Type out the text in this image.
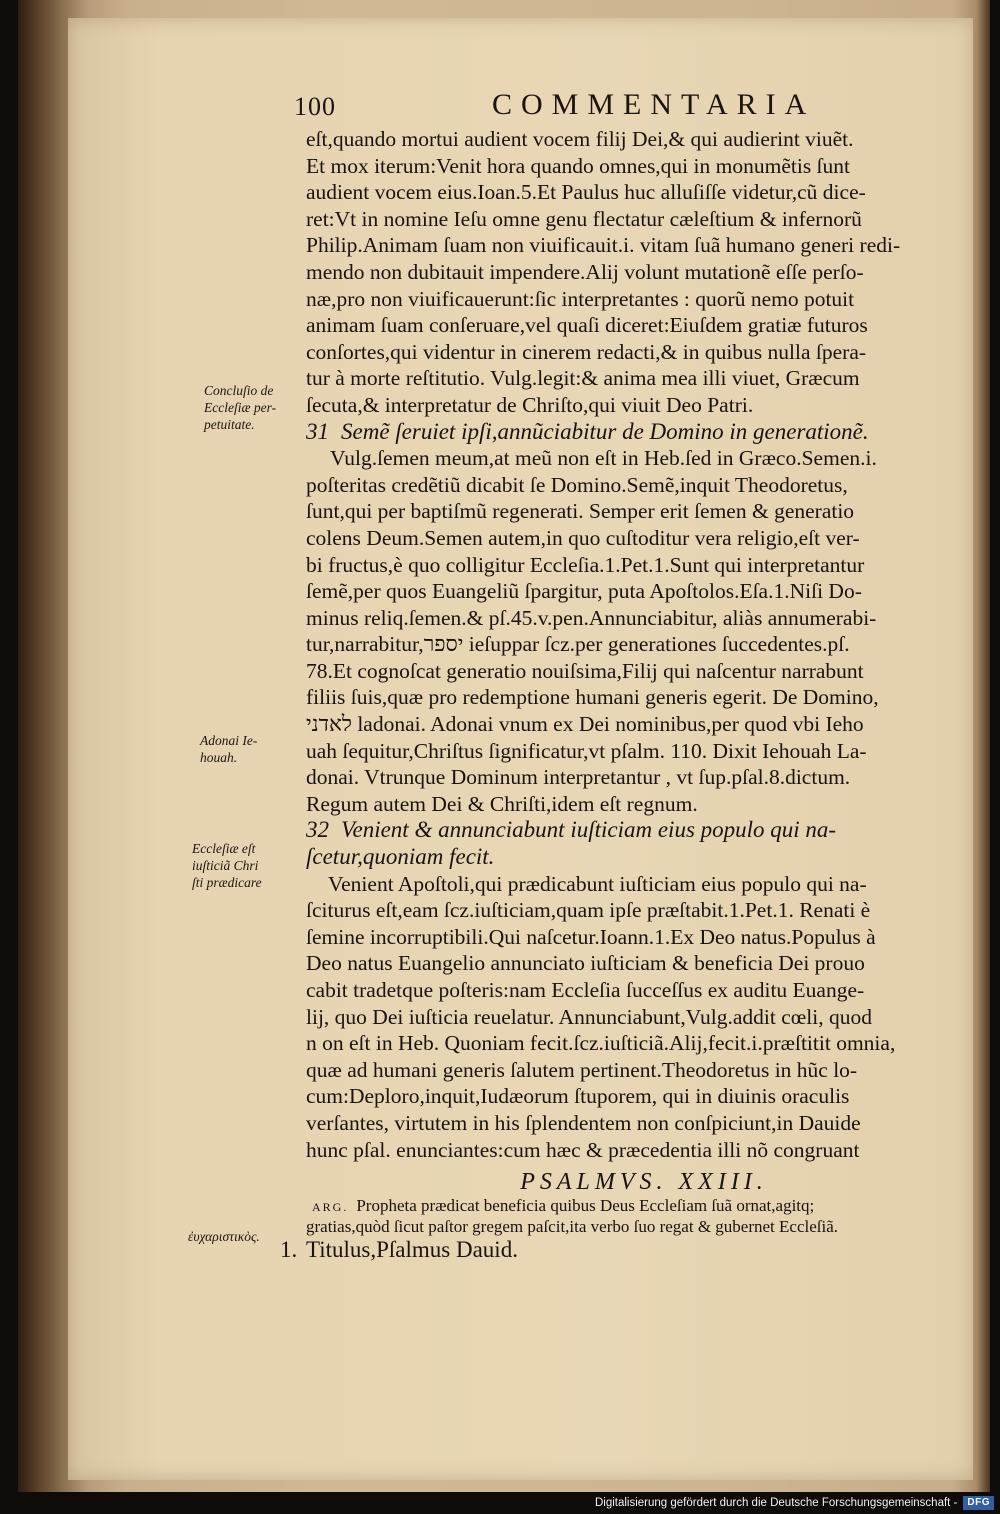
100	COMMENTARIA
eſt,quando mortui audient vocem filij Dei,& qui audierint viuẽt.
Et mox iterum:Venit hora quando omnes,qui in monumẽtis ſunt
audient vocem eius.Ioan.5.Et Paulus huc alluſiſſe videtur,cũ dice-
ret:Vt in nomine Ieſu omne genu flectatur cæleſtium & infernorũ
Philip.Animam ſuam non viuificauit.i. vitam ſuã humano generi redi-
mendo non dubitauit impendere.Alij volunt mutationẽ eſſe perſo-
næ,pro non viuificauerunt:ſic interpretantes : quorũ nemo potuit
animam ſuam conſeruare,vel quaſi diceret:Eiuſdem gratiæ futuros
conſortes,qui videntur in cinerem redacti,& in quibus nulla ſpera-
tur à morte reſtitutio. Vulg.legit:& anima mea illi viuet, Græcum
ſecuta,& interpretatur de Chriſto,qui viuit Deo Patri.
31 Semẽ ſeruiet ipſi,annũciabitur de Domino in generationẽ.
Vulg.ſemen meum,at meũ non eſt in Heb.ſed in Græco.Semen.i.
poſteritas credẽtiũ dicabit ſe Domino.Semẽ,inquit Theodoretus,
ſunt,qui per baptiſmũ regenerati. Semper erit ſemen & generatio
colens Deum.Semen autem,in quo cuſtoditur vera religio,eſt ver-
bi fructus,è quo colligitur Eccleſia.1.Pet.1.Sunt qui interpretantur
ſemẽ,per quos Euangeliũ ſpargitur, puta Apoſtolos.Eſa.1.Niſi Do-
minus reliq.ſemen.& pſ.45.v.pen.Annunciabitur, aliàs annumerabi-
tur,narrabitur,יספר ieſuppar ſcz.per generationes ſuccedentes.pſ.
78.Et cognoſcat generatio nouiſsima,Filij qui naſcentur narrabunt
filiis ſuis,quæ pro redemptione humani generis egerit. De Domino,
לאדני ladonai. Adonai vnum ex Dei nominibus,per quod vbi Ieho
uah ſequitur,Chriſtus ſignificatur,vt pſalm. 110. Dixit Iehouah La-
donai. Vtrunque Dominum interpretantur , vt ſup.pſal.8.dictum.
Regum autem Dei & Chriſti,idem eſt regnum.
32 Venient & annunciabunt iuſticiam eius populo qui na-
ſcetur,quoniam fecit.
Venient Apoſtoli,qui prædicabunt iuſticiam eius populo qui na-
ſciturus eſt,eam ſcz.iuſticiam,quam ipſe præſtabit.1.Pet.1. Renati è
ſemine incorruptibili.Qui naſcetur.Ioann.1.Ex Deo natus.Populus à
Deo natus Euangelio annunciato iuſticiam & beneficia Dei prouo
cabit tradetque poſteris:nam Eccleſia ſucceſſus ex auditu Euange-
lij, quo Dei iuſticia reuelatur. Annunciabunt,Vulg.addit cœli, quod
n on eſt in Heb. Quoniam fecit.ſcz.iuſticiã.Alij,fecit.i.præſtitit omnia,
quæ ad humani generis ſalutem pertinent.Theodoretus in hũc lo-
cum:Deploro,inquit,Iudæorum ſtuporem, qui in diuinis oraculis
verſantes, virtutem in his ſplendentem non conſpiciunt,in Dauide
hunc pſal. enunciantes:cum hæc & præcedentia illi nõ congruant
PSALMVS. XXIII.
ARG. Propheta prædicat beneficia quibus Deus Eccleſiam ſuã ornat,agitq;
gratias,quòd ſicut paſtor gregem paſcit,ita verbo ſuo regat & gubernet Eccleſiã.
1. Titulus,Pſalmus Dauid.
Concluſio de
Eccleſiæ per-
petuitate.
Adonai Ie-
houah.
Eccleſiæ eſt
iuſticiã Chri
ſti prædicare
ἐυχαριστικὸς.
Digitalisierung gefördert durch die Deutsche Forschungsgemeinschaft -	DFG
